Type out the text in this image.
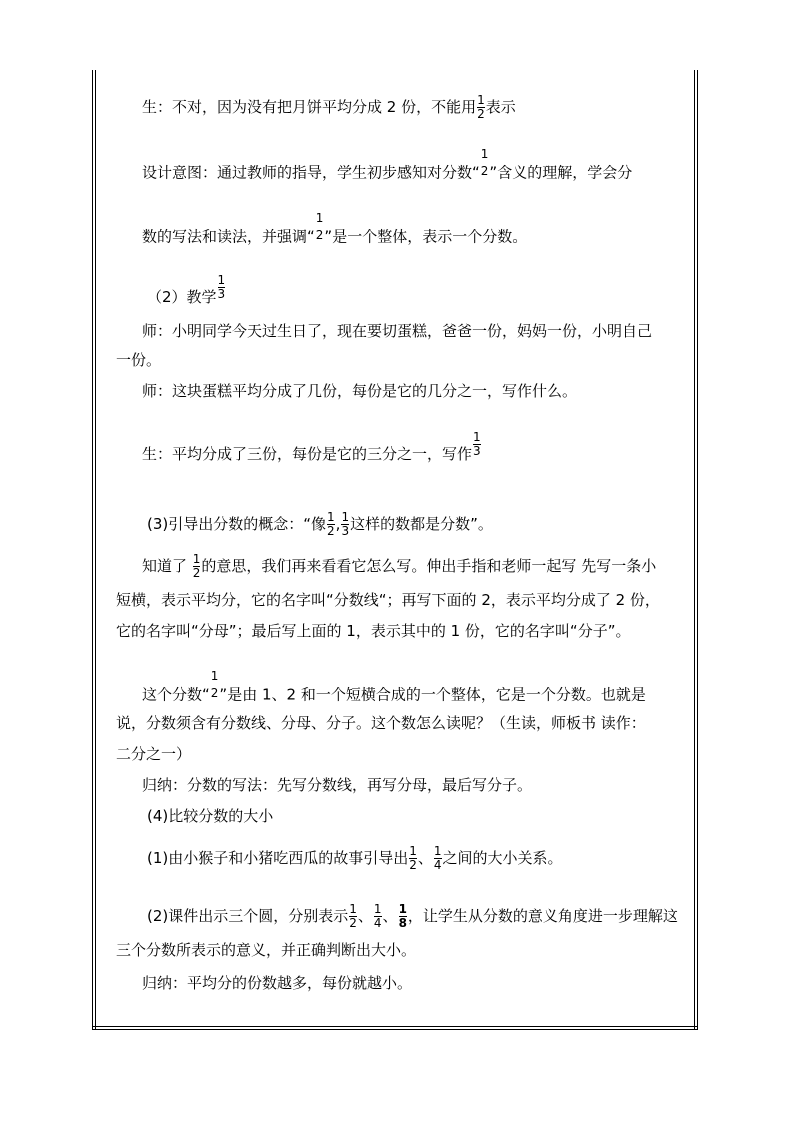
生：不对，因为没有把月饼平均分成 2 份，不能用 $\frac{1}{2}$ 表示
设计意图：通过教师的指导，学生初步感知对分数“
1
2 ”含义的理解，学会分
数的写法和读法，并强调“
1
2 ”是一个整体，表示一个分数。
（2）教学 $\frac{1}{3}$
师：小明同学今天过生日了，现在要切蛋糕，爸爸一份，妈妈一份，小明自己
一份。
师：这块蛋糕平均分成了几份，每份是它的几分之一，写作什么。
生：平均分成了三份，每份是它的三分之一，写作 $\frac{1}{3}$
(3)引导出分数的概念：“像 $\frac{1}{2}$ , $\frac{1}{3}$ 这样的数都是分数”。
知道了 $\frac{1}{2}$ 的意思，我们再来看看它怎么写。伸出手指和老师一起写 先写一条小
短横，表示平均分，它的名字叫“分数线“；再写下面的 2，表示平均分成了 2 份，
它的名字叫“分母”；最后写上面的 1，表示其中的 1 份，它的名字叫“分子”。
这个分数“
1
2 ”是由 1、2 和一个短横合成的一个整体，它是一个分数。也就是
说，分数须含有分数线、分母、分子。这个数怎么读呢？（生读，师板书 读作：
二分之一）
归纳：分数的写法：先写分数线，再写分母，最后写分子。
(4)比较分数的大小
(1)由小猴子和小猪吃西瓜的故事引导出 $\frac{1}{2}$ 、 $\frac{1}{4}$ 之间的大小关系。
(2)课件出示三个圆，分别表示 $\frac{1}{2}$ 、 $\frac{1}{4}$ 、 $\frac{1}{8}$ ，让学生从分数的意义角度进一步理解这
三个分数所表示的意义，并正确判断出大小。
归纳：平均分的份数越多，每份就越小。
